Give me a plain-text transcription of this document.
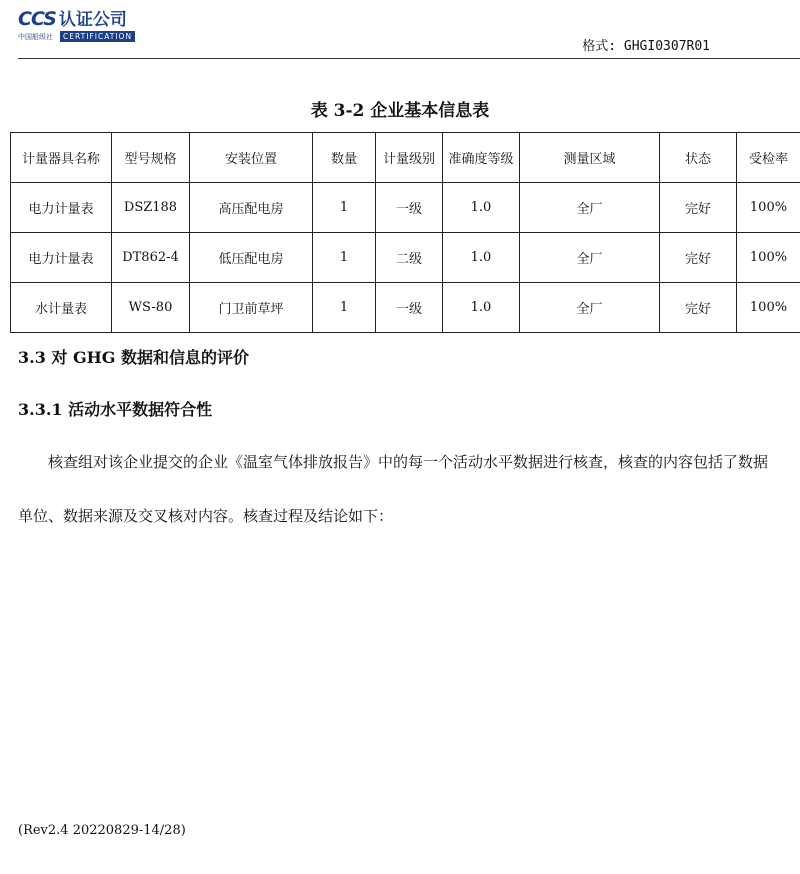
CCS 认证公司
中国船级社	CERTIFICATION
格式: GHGI0307R01
表 3-2 企业基本信息表
计量器具名称	型号规格	安装位置	数量	计量级别	准确度等级	测量区域	状态	受检率
电力计量表	DSZ188	高压配电房	1	一级	1.0	全厂	完好	100%
电力计量表	DT862-4	低压配电房	1	二级	1.0	全厂	完好	100%
水计量表	WS-80	门卫前草坪	1	一级	1.0	全厂	完好	100%
3.3 对 GHG 数据和信息的评价
3.3.1 活动水平数据符合性
核查组对该企业提交的企业《温室气体排放报告》中的每一个活动水平数据进行核查，核查的内容包括了数据
单位、数据来源及交叉核对内容。核查过程及结论如下：
(Rev2.4 20220829-14/28)
